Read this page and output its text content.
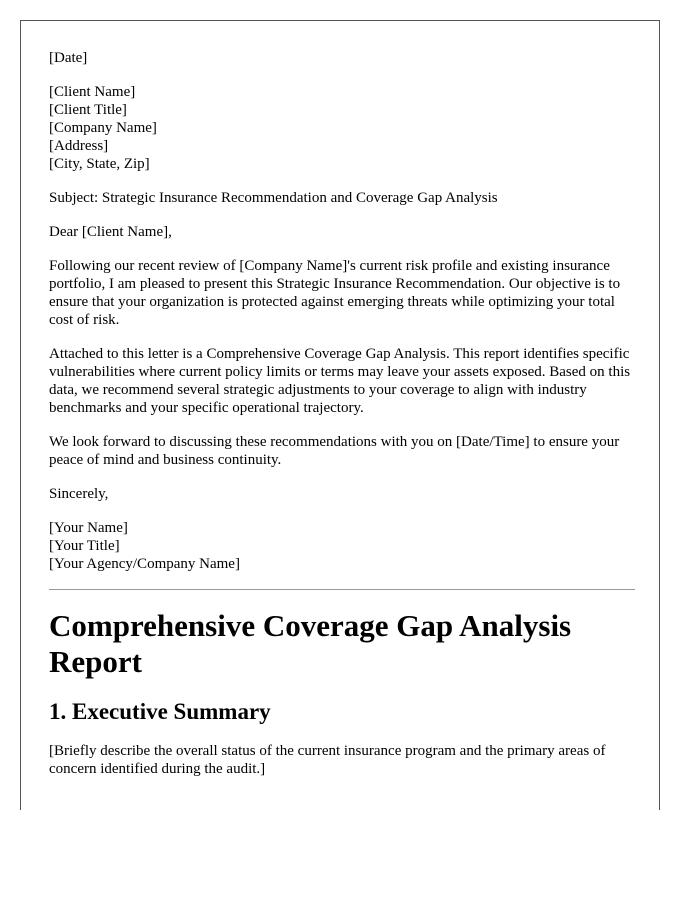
[Date]

[Client Name]
[Client Title]
[Company Name]
[Address]
[City, State, Zip]

Subject: Strategic Insurance Recommendation and Coverage Gap Analysis

Dear [Client Name],

Following our recent review of [Company Name]'s current risk profile and existing insurance portfolio, I am pleased to present this Strategic Insurance Recommendation. Our objective is to ensure that your organization is protected against emerging threats while optimizing your total cost of risk.

Attached to this letter is a Comprehensive Coverage Gap Analysis. This report identifies specific vulnerabilities where current policy limits or terms may leave your assets exposed. Based on this data, we recommend several strategic adjustments to your coverage to align with industry benchmarks and your specific operational trajectory.

We look forward to discussing these recommendations with you on [Date/Time] to ensure your peace of mind and business continuity.

Sincerely,

[Your Name]
[Your Title]
[Your Agency/Company Name]

Comprehensive Coverage Gap Analysis Report
1. Executive Summary

[Briefly describe the overall status of the current insurance program and the primary areas of concern identified during the audit.]
